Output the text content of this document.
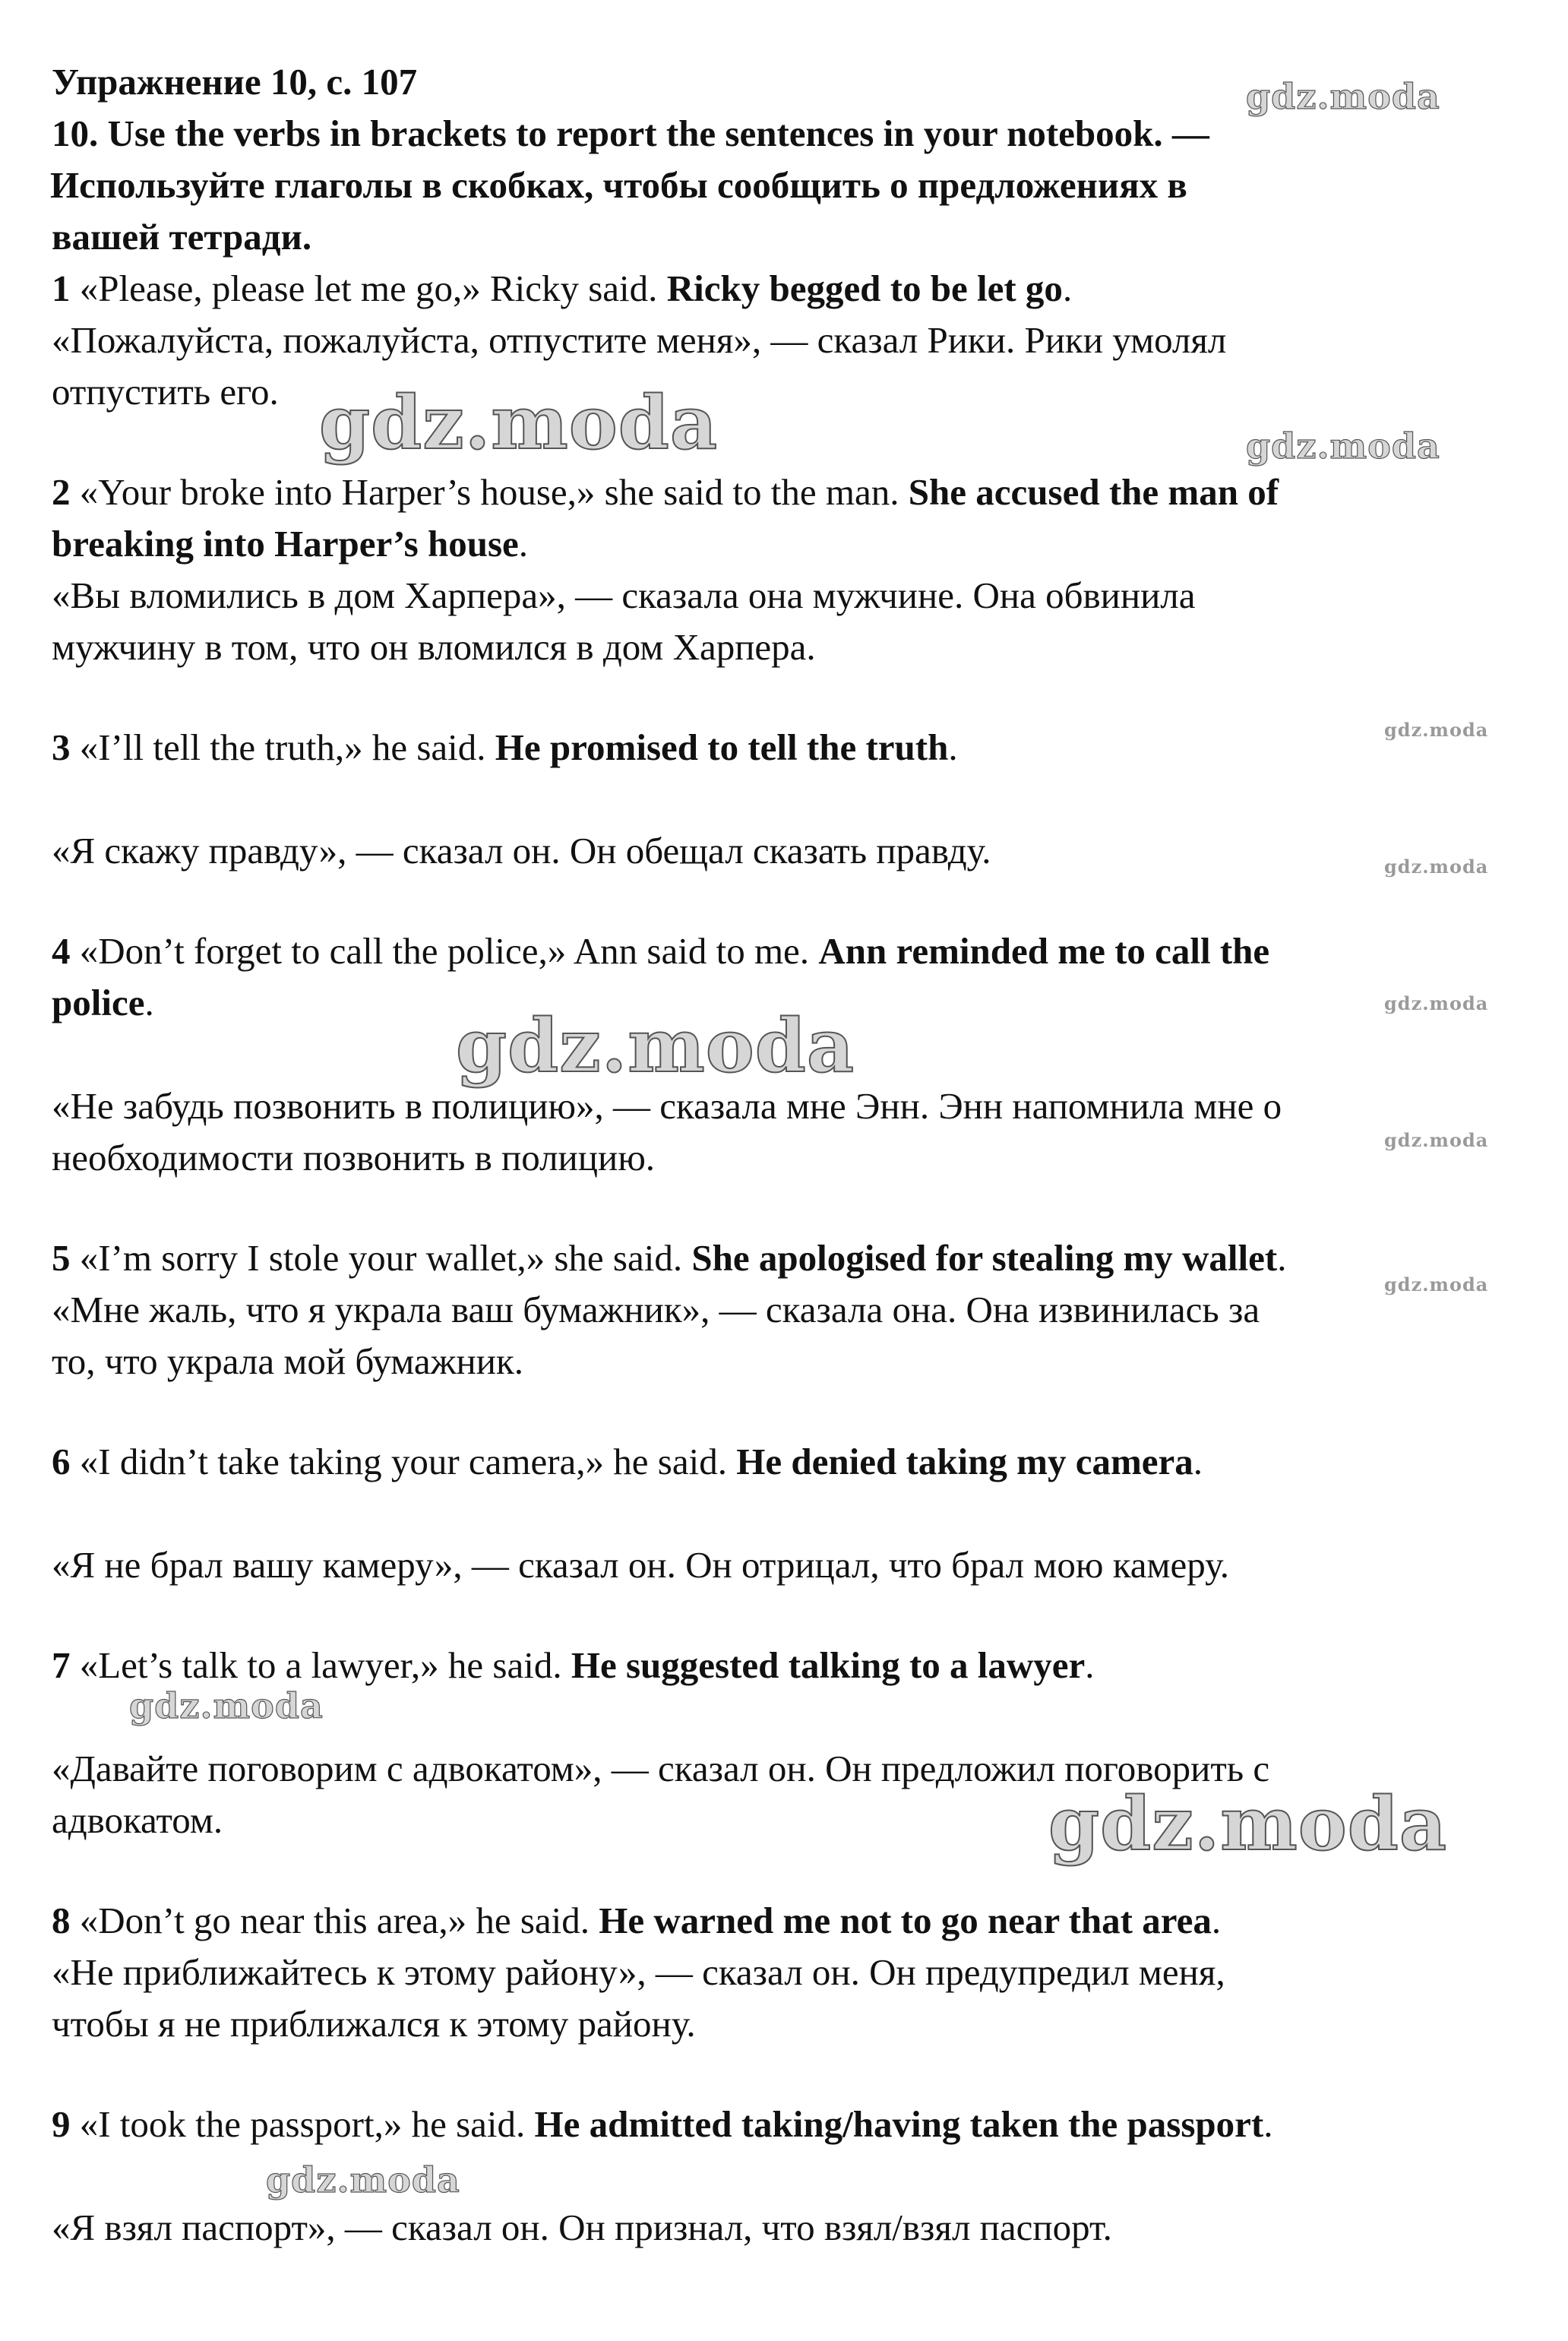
Упражнение 10, с. 107
10. Use the verbs in brackets to report the sentences in your notebook. —
Используйте глаголы в скобках, чтобы сообщить о предложениях в
вашей тетради.
1 «Please, please let me go,» Ricky said. Ricky begged to be let go.
«Пожалуйста, пожалуйста, отпустите меня», — сказал Рики. Рики умолял
отпустить его.
2 «Your broke into Harper’s house,» she said to the man. She accused the man of
breaking into Harper’s house.
«Вы вломились в дом Харпера», — сказала она мужчине. Она обвинила
мужчину в том, что он вломился в дом Харпера.
3 «I’ll tell the truth,» he said. He promised to tell the truth.
«Я скажу правду», — сказал он. Он обещал сказать правду.
4 «Don’t forget to call the police,» Ann said to me. Ann reminded me to call the
police.
«Не забудь позвонить в полицию», — сказала мне Энн. Энн напомнила мне о
необходимости позвонить в полицию.
5 «I’m sorry I stole your wallet,» she said. She apologised for stealing my wallet.
«Мне жаль, что я украла ваш бумажник», — сказала она. Она извинилась за
то, что украла мой бумажник.
6 «I didn’t take taking your camera,» he said. He denied taking my camera.
«Я не брал вашу камеру», — сказал он. Он отрицал, что брал мою камеру.
7 «Let’s talk to a lawyer,» he said. He suggested talking to a lawyer.
«Давайте поговорим с адвокатом», — сказал он. Он предложил поговорить с
адвокатом.
8 «Don’t go near this area,» he said. He warned me not to go near that area.
«Не приближайтесь к этому району», — сказал он. Он предупредил меня,
чтобы я не приближался к этому району.
9 «I took the passport,» he said. He admitted taking/having taken the passport.
«Я взял паспорт», — сказал он. Он признал, что взял/взял паспорт.
gdz.moda
gdz.moda	gdz.moda
gdz.moda
gdz.moda
gdz.moda
gdz.moda
gdz.moda
gdz.moda
gdz.moda
gdz.moda
gdz.moda
